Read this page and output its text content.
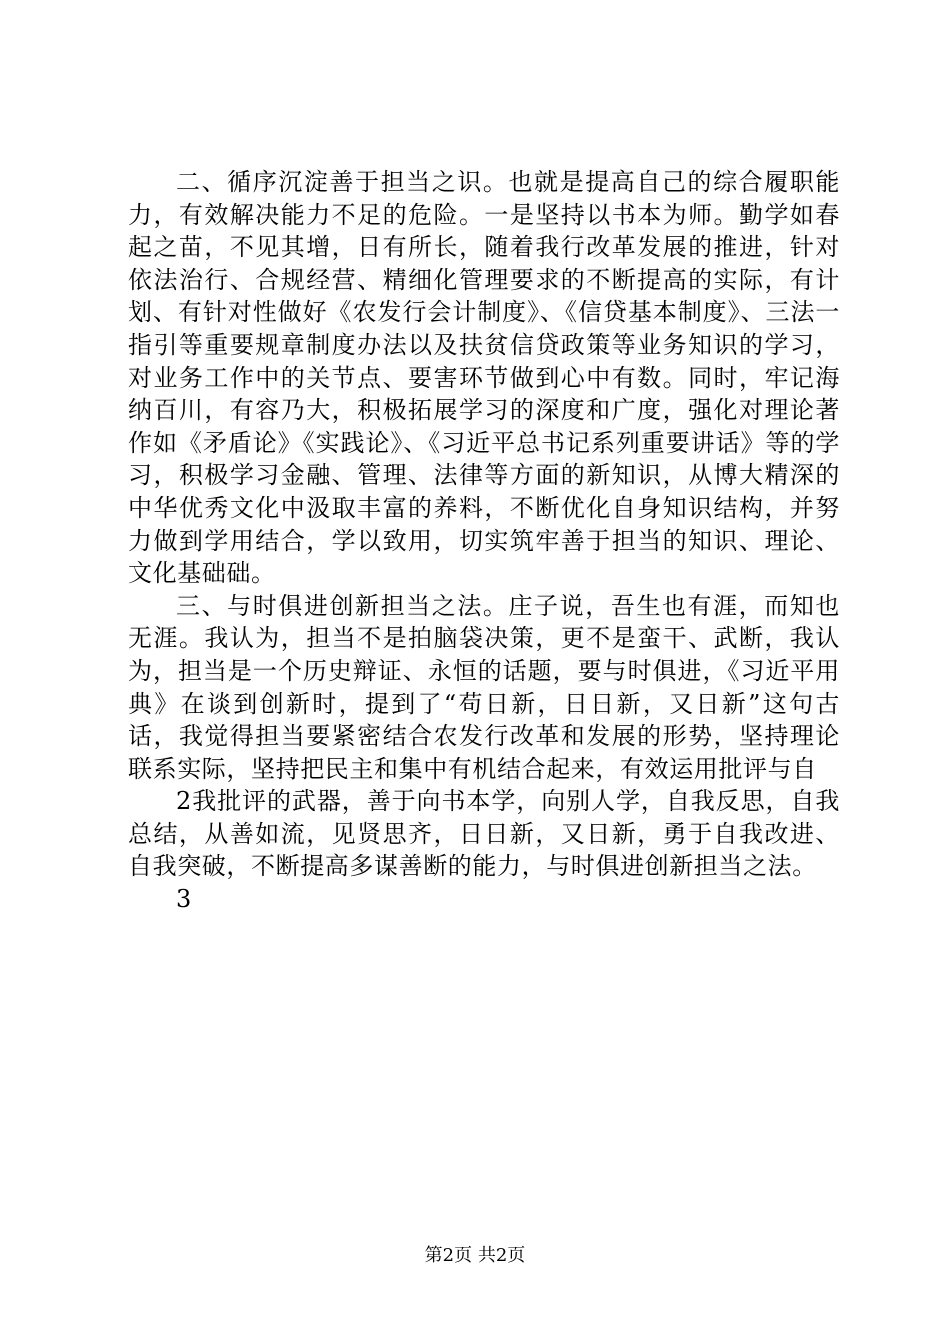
二、循序沉淀善于担当之识。也就是提高自己的综合履职能力，有效解决能力不足的危险。一是坚持以书本为师。勤学如春起之苗，不见其增，日有所长，随着我行改革发展的推进，针对依法治行、合规经营、精细化管理要求的不断提高的实际，有计划、有针对性做好《农发行会计制度》、《信贷基本制度》、三法一指引等重要规章制度办法以及扶贫信贷政策等业务知识的学习，对业务工作中的关节点、要害环节做到心中有数。同时，牢记海纳百川，有容乃大，积极拓展学习的深度和广度，强化对理论著作如《矛盾论》《实践论》、《习近平总书记系列重要讲话》等的学习，积极学习金融、管理、法律等方面的新知识，从博大精深的中华优秀文化中汲取丰富的养料，不断优化自身知识结构，并努力做到学用结合，学以致用，切实筑牢善于担当的知识、理论、文化基础础。

三、与时俱进创新担当之法。庄子说，吾生也有涯，而知也无涯。我认为，担当不是拍脑袋决策，更不是蛮干、武断，我认为，担当是一个历史辩证、永恒的话题，要与时俱进，《习近平用典》在谈到创新时，提到了“苟日新，日日新，又日新”这句古话，我觉得担当要紧密结合农发行改革和发展的形势，坚持理论联系实际，坚持把民主和集中有机结合起来，有效运用批评与自

2我批评的武器，善于向书本学，向别人学，自我反思，自我总结，从善如流，见贤思齐，日日新，又日新，勇于自我改进、自我突破，不断提高多谋善断的能力，与时俱进创新担当之法。

3

第2页 共2页
